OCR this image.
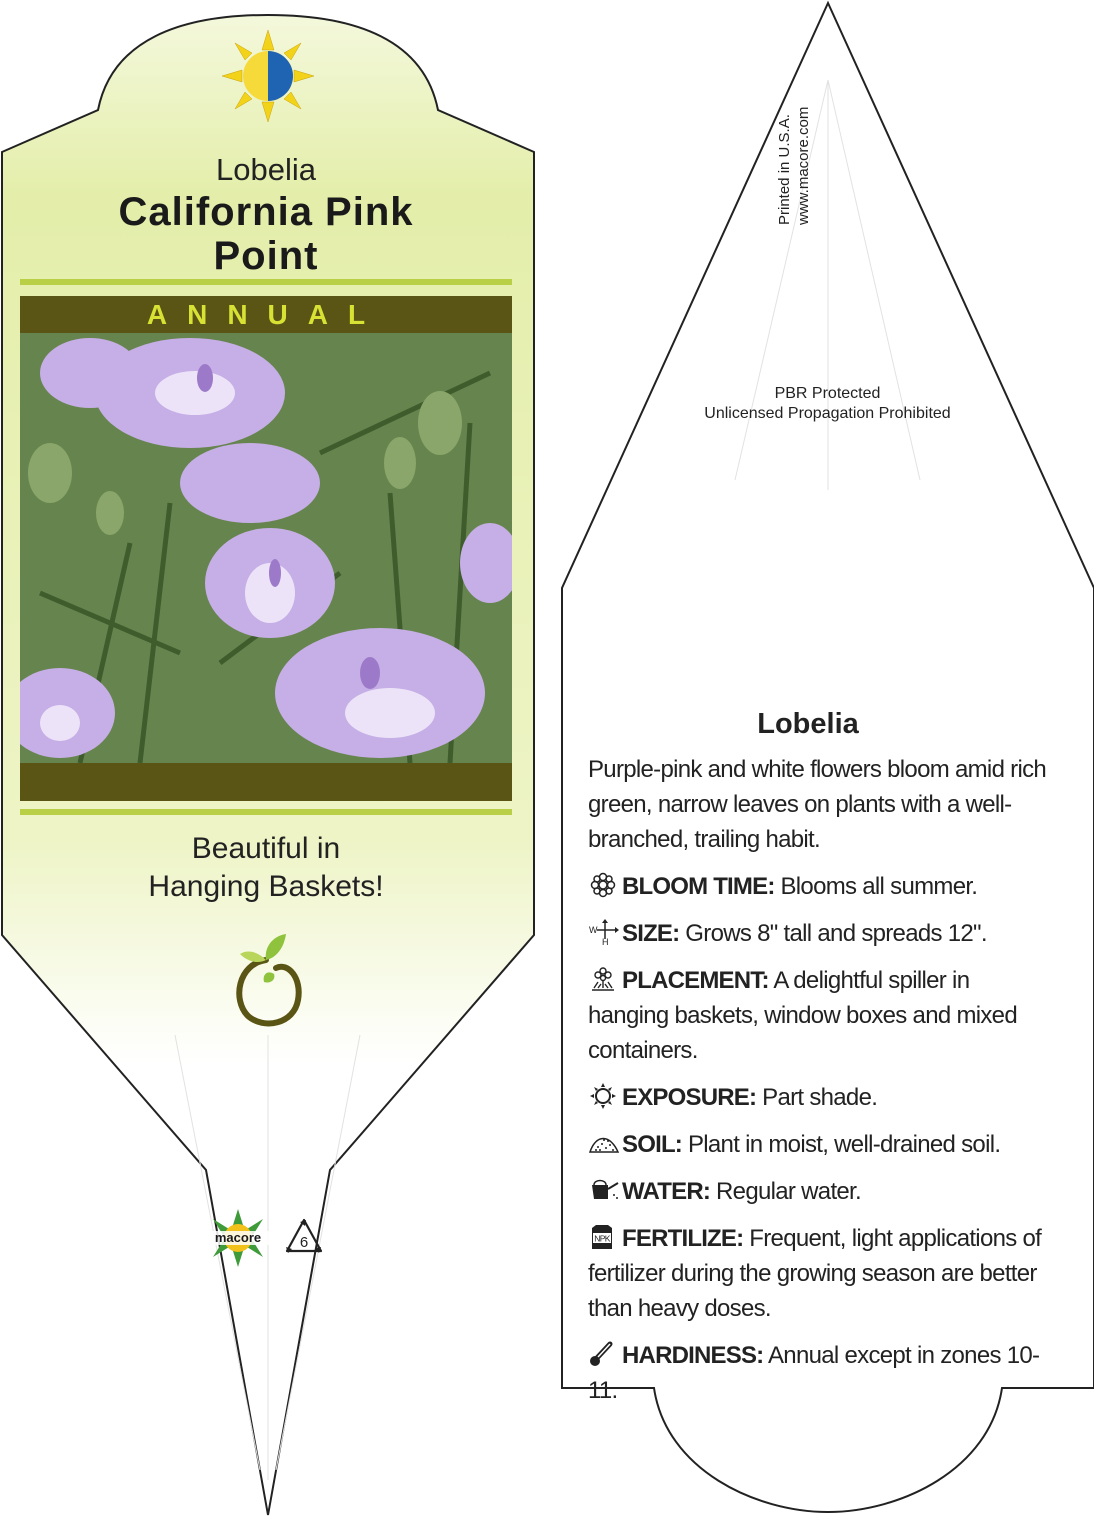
Lobelia
California Pink
Point
ANNUAL
Beautiful in
Hanging Baskets!
macore	6
Printed in U.S.A. www.macore.com
PBR Protected
Unlicensed Propagation Prohibited
Lobelia
Purple-pink and white flowers bloom amid rich green, narrow leaves on plants with a well-branched, trailing habit.
BLOOM TIME: Blooms all summer.
W
H SIZE: Grows 8" tall and spreads 12".
PLACEMENT: A delightful spiller in hanging baskets, window boxes and mixed containers.
EXPOSURE: Part shade.
SOIL: Plant in moist, well-drained soil.
WATER: Regular water.
NPK FERTILIZE: Frequent, light applications of fertilizer during the growing season are better than heavy doses.
HARDINESS: Annual except in zones 10-11.
